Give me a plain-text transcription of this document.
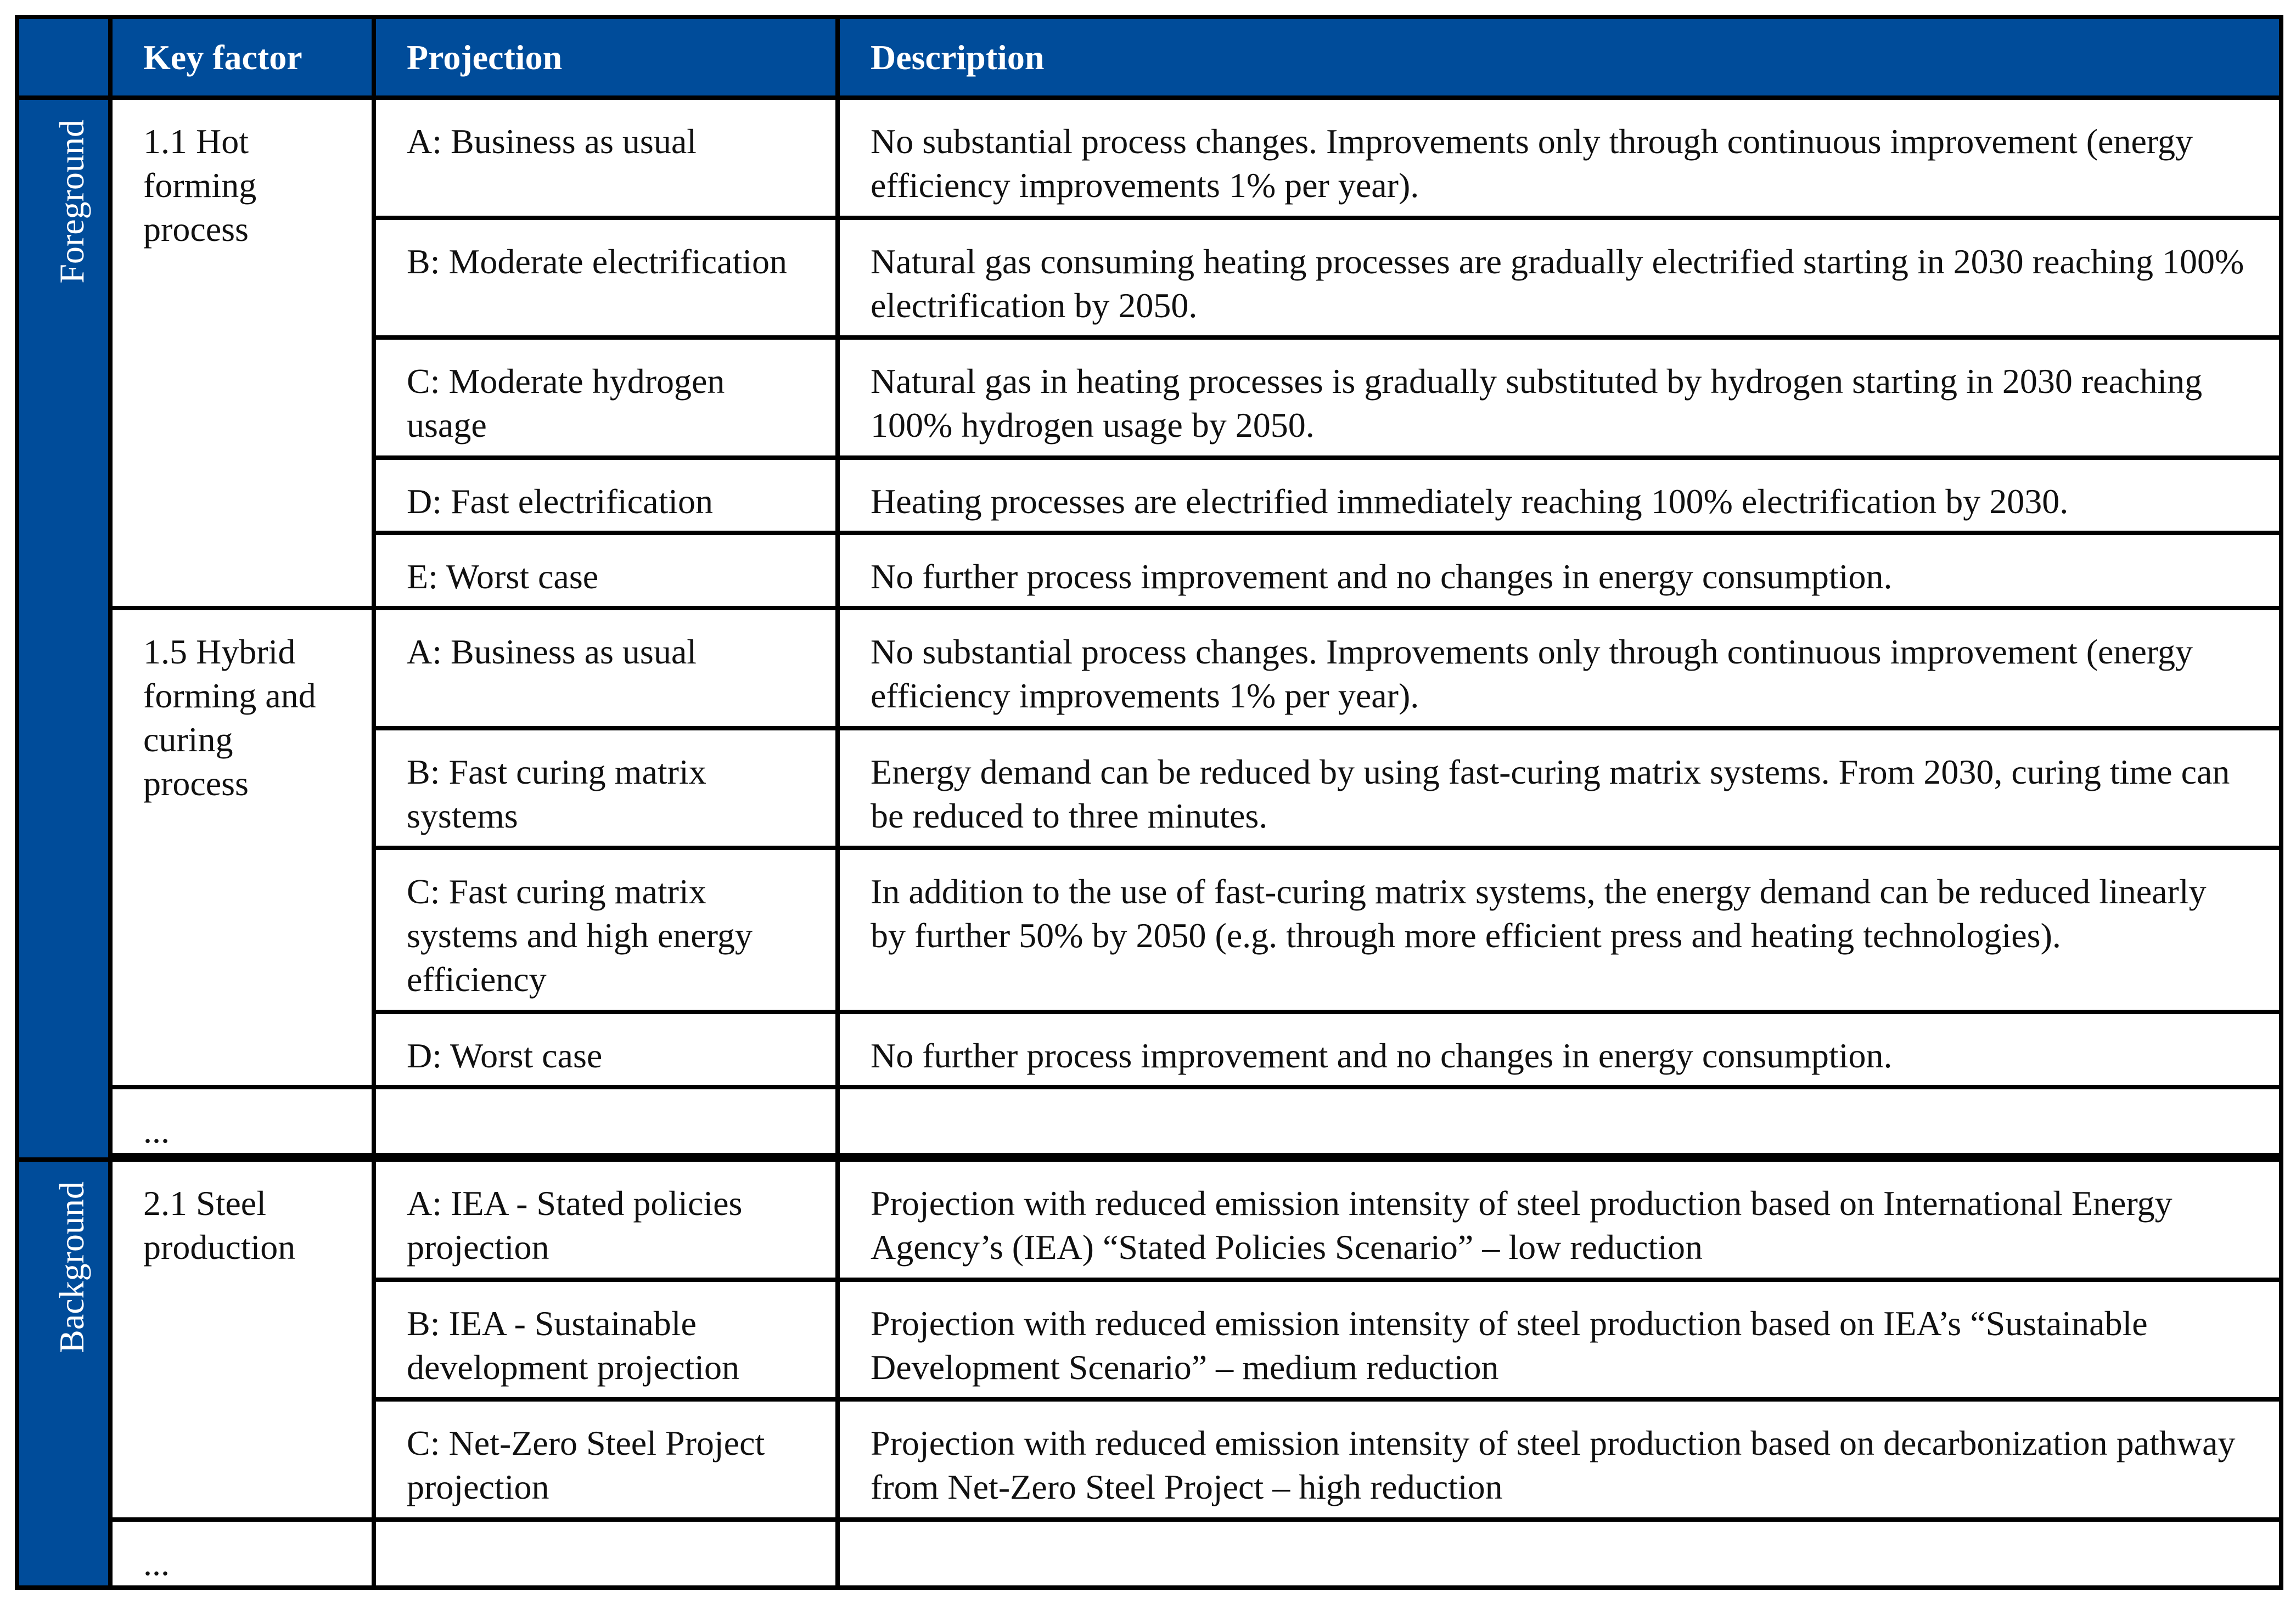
	Key factor	Projection	Description
Foreground	1.1 Hot forming process	A: Business as usual	No substantial process changes. Improvements only through continuous improvement (energy efficiency improvements 1% per year).
		B: Moderate electrification	Natural gas consuming heating processes are gradually electrified starting in 2030 reaching 100% electrification by 2050.
		C: Moderate hydrogen usage	Natural gas in heating processes is gradually substituted by hydrogen starting in 2030 reaching 100% hydrogen usage by 2050.
		D: Fast electrification	Heating processes are electrified immediately reaching 100% electrification by 2030.
		E: Worst case	No further process improvement and no changes in energy consumption.
	1.5 Hybrid forming and curing process	A: Business as usual	No substantial process changes. Improvements only through continuous improvement (energy efficiency improvements 1% per year).
		B: Fast curing matrix systems	Energy demand can be reduced by using fast-curing matrix systems. From 2030, curing time can be reduced to three minutes.
		C: Fast curing matrix systems and high energy efficiency	In addition to the use of fast-curing matrix systems, the energy demand can be reduced linearly by further 50% by 2050 (e.g. through more efficient press and heating technologies).
		D: Worst case	No further process improvement and no changes in energy consumption.
	...		

Background	2.1 Steel production	A: IEA - Stated policies projection	Projection with reduced emission intensity of steel production based on International Energy Agency’s (IEA) “Stated Policies Scenario” – low reduction
		B: IEA - Sustainable development projection	Projection with reduced emission intensity of steel production based on IEA’s “Sustainable Development Scenario” – medium reduction
		C: Net-Zero Steel Project projection	Projection with reduced emission intensity of steel production based on decarbonization pathway from Net-Zero Steel Project – high reduction
	...		
